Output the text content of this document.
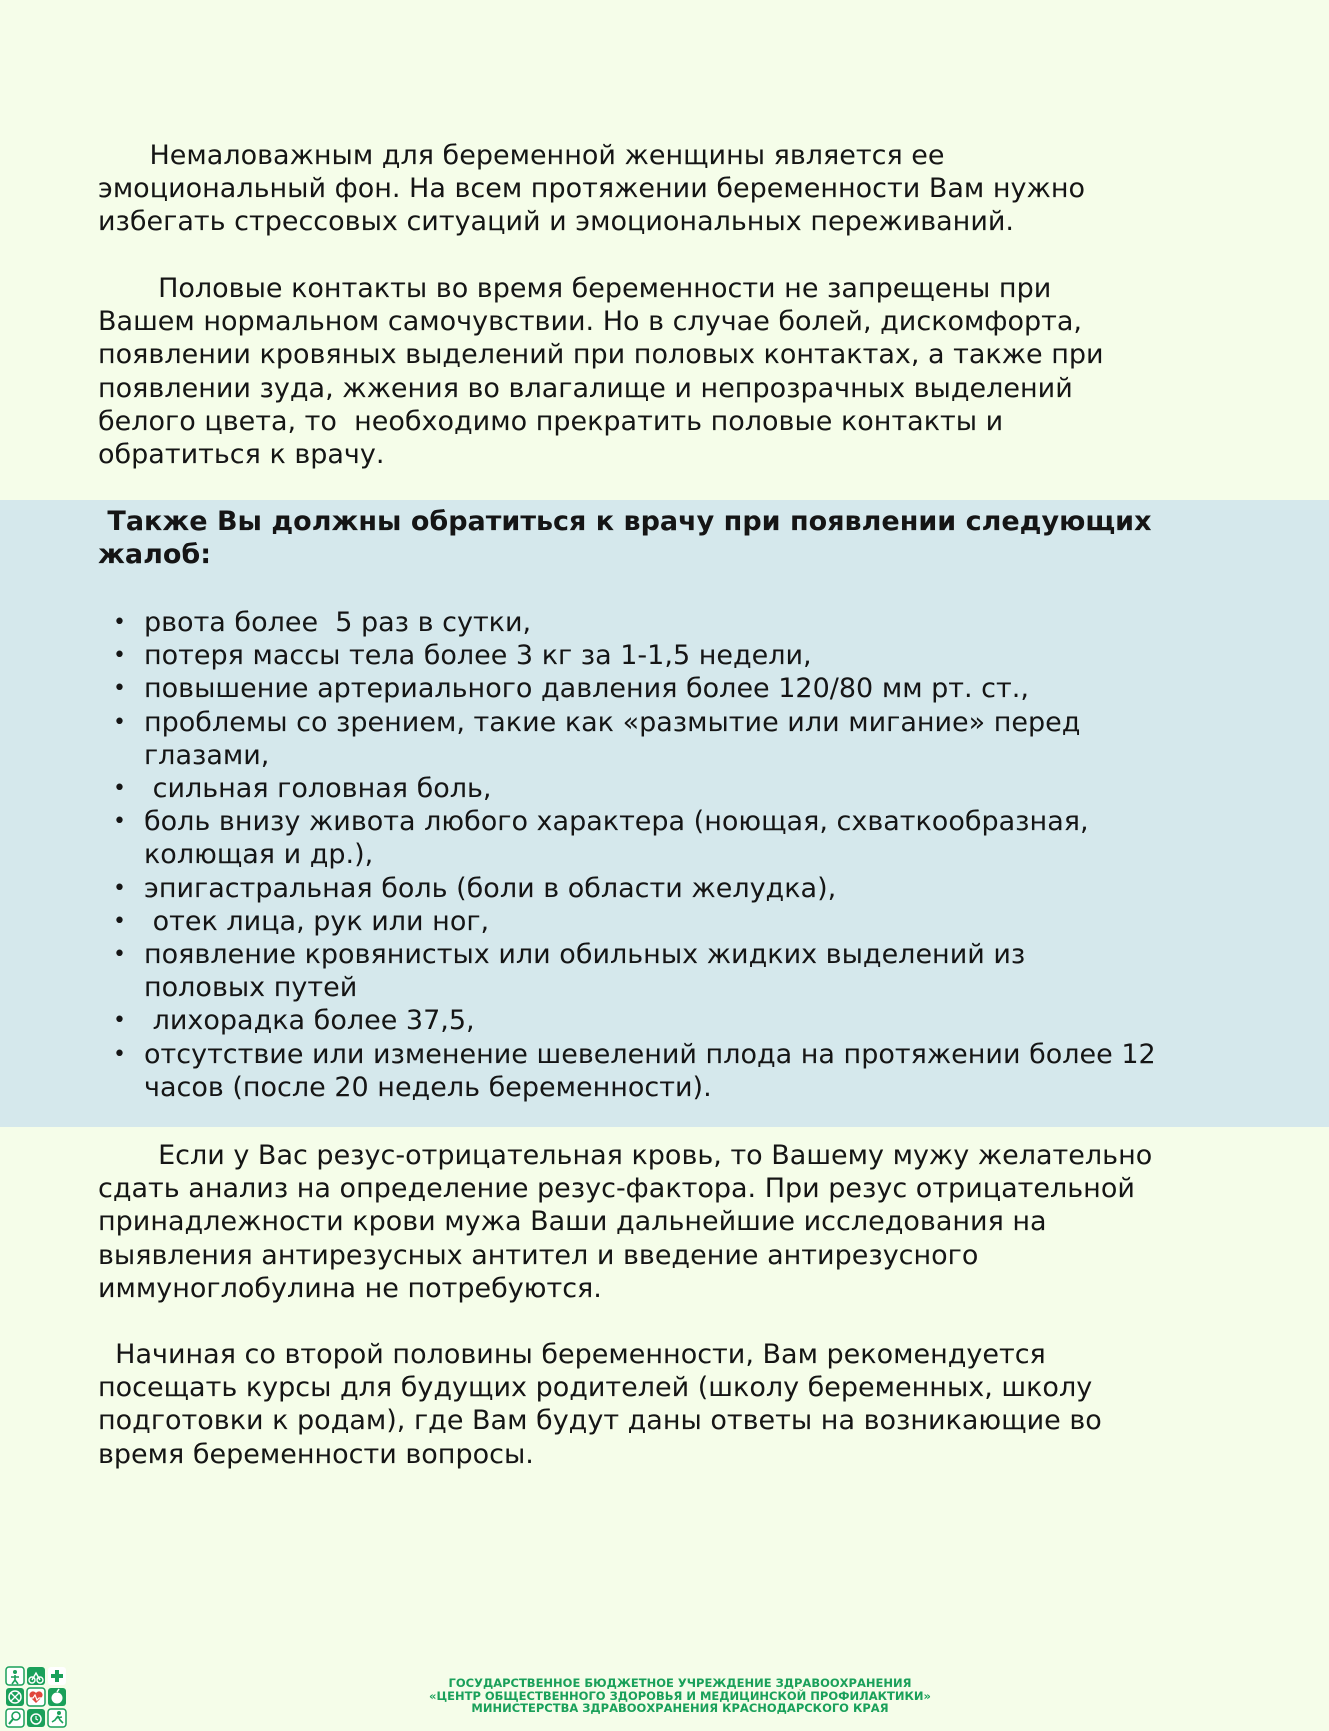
Немаловажным для беременной женщины является ее
эмоциональный фон. На всем протяжении беременности Вам нужно
избегать стрессовых ситуаций и эмоциональных переживаний.

Половые контакты во время беременности не запрещены при
Вашем нормальном самочувствии. Но в случае болей, дискомфорта,
появлении кровяных выделений при половых контактах, а также при
появлении зуда, жжения во влагалище и непрозрачных выделений
белого цвета, то  необходимо прекратить половые контакты и
обратиться к врачу.

Также Вы должны обратиться к врачу при появлении следующих
жалоб:

• рвота более  5 раз в сутки,
• потеря массы тела более 3 кг за 1-1,5 недели,
• повышение артериального давления более 120/80 мм рт. ст.,
• проблемы со зрением, такие как «размытие или мигание» перед
глазами,
• сильная головная боль,
• боль внизу живота любого характера (ноющая, схваткообразная,
колющая и др.),
• эпигастральная боль (боли в области желудка),
• отек лица, рук или ног,
• появление кровянистых или обильных жидких выделений из
половых путей
• лихорадка более 37,5,
• отсутствие или изменение шевелений плода на протяжении более 12
часов (после 20 недель беременности).

Если у Вас резус-отрицательная кровь, то Вашему мужу желательно
сдать анализ на определение резус-фактора. При резус отрицательной
принадлежности крови мужа Ваши дальнейшие исследования на
выявления антирезусных антител и введение антирезусного
иммуноглобулина не потребуются.

Начиная со второй половины беременности, Вам рекомендуется
посещать курсы для будущих родителей (школу беременных, школу
подготовки к родам), где Вам будут даны ответы на возникающие во
время беременности вопросы.

ГОСУДАРСТВЕННОЕ БЮДЖЕТНОЕ УЧРЕЖДЕНИЕ ЗДРАВООХРАНЕНИЯ
«ЦЕНТР ОБЩЕСТВЕННОГО ЗДОРОВЬЯ И МЕДИЦИНСКОЙ ПРОФИЛАКТИКИ»
МИНИСТЕРСТВА ЗДРАВООХРАНЕНИЯ КРАСНОДАРСКОГО КРАЯ
